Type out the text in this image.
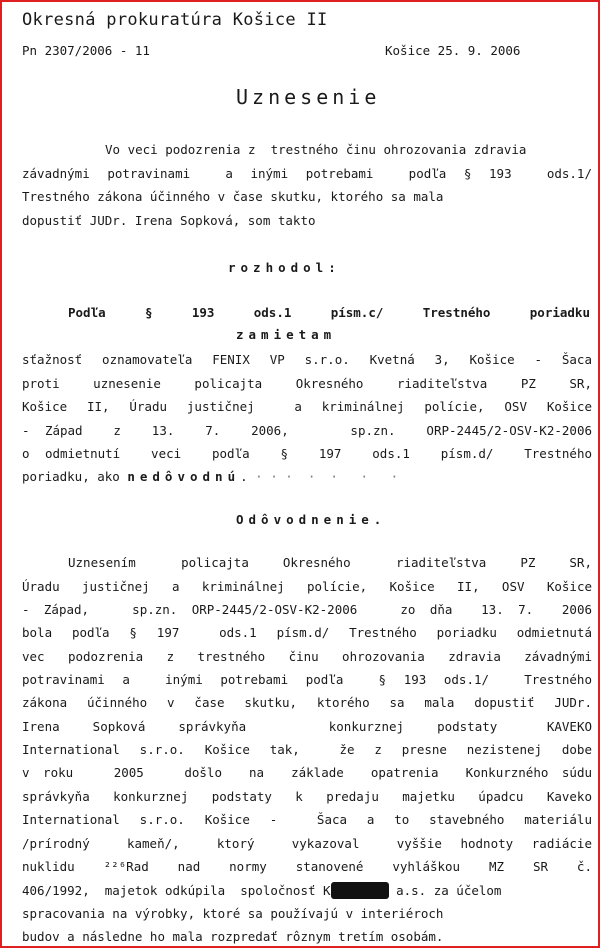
Okresná prokuratúra Košice II
Pn 2307/2006 - 11	Košice 25. 9. 2006
Uznesenie
Vo veci podozrenia z  trestného činu ohrozovania zdravia
závadnými potravinami  a inými potrebami  podľa § 193  ods.1/
Trestného zákona účinného v čase skutku, ktorého sa mala
dopustiť JUDr. Irena Sopková, som takto
rozhodol:
Podľa  §  193  ods.1  písm.c/  Trestného  poriadku
zamietam
sťažnosť oznamovateľa FENIX VP s.r.o. Kvetná 3, Košice - Šaca
proti  uznesenie  policajta  Okresného  riaditeľstva  PZ  SR,
Košice II, Úradu justičnej  a kriminálnej polície, OSV Košice
- Západ  z  13.  7.  2006,    sp.zn.  ORP-2445/2-OSV-K2-2006
o odmietnutí  veci  podľa  §  197  ods.1  písm.d/  Trestného
poriadku, ako nedôvodnú. · · ·  ·  ·   ·   ·
Odôvodnenie.
Uznesením    policajta   Okresného    riaditeľstva   PZ   SR,
Úradu justičnej a kriminálnej polície, Košice II, OSV Košice
- Západ,   sp.zn. ORP-2445/2-OSV-K2-2006   zo dňa  13. 7.  2006
bola podľa § 197  ods.1 písm.d/ Trestného poriadku odmietnutá
vec podozrenia z trestného činu ohrozovania zdravia závadnými
potravinami a  inými potrebami podľa  § 193 ods.1/  Trestného
zákona účinného v čase skutku, ktorého sa mala dopustiť JUDr.
Irena  Sopková  správkyňa     konkurznej  podstaty   KAVEKO
International s.r.o. Košice tak,  že z presne nezistenej dobe
v roku   2005   došlo  na  základe  opatrenia  Konkurzného súdu
správkyňa konkurznej podstaty k predaju majetku úpadcu Kaveko
International s.r.o. Košice -  Šaca a to stavebného materiálu
/prírodný  kameň/,  ktorý  vykazoval  vyššie hodnoty radiácie
nuklidu  ²²⁶Rad  nad  normy  stanovené  vyhláškou  MZ  SR  č.
406/1992,  majetok odkúpila  spoločnosť K	a.s. za účelom
spracovania na výrobky, ktoré sa používajú v interiéroch
budov a následne ho mala rozpredať rôznym tretím osobám.
